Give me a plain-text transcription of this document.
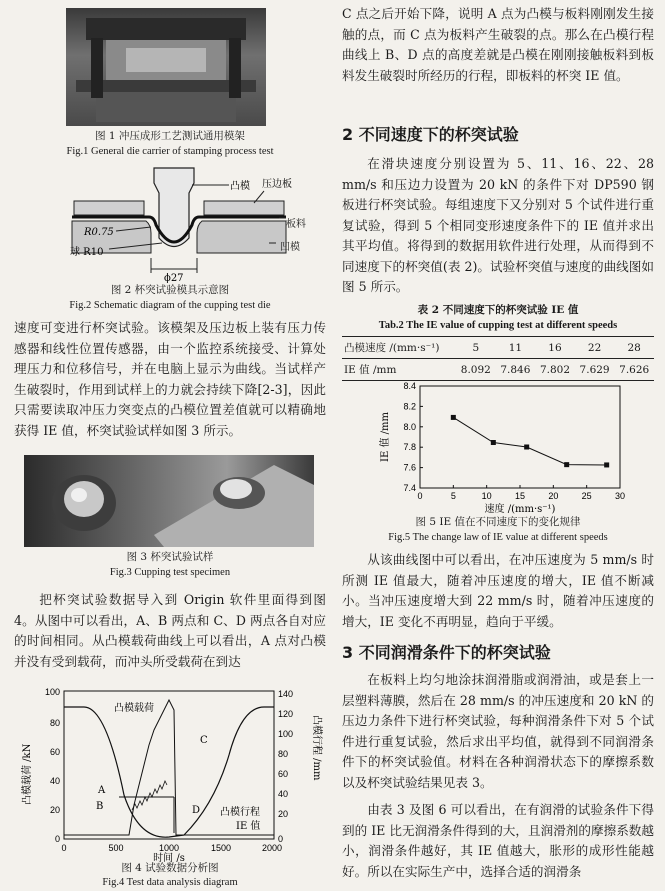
图 1 冲压成形工艺测试通用模架
Fig.1 General die carrier of stamping process test
凸模 压边板
R0.75
球 R10
ϕ27
板料
凹模
图 2 杯突试验模具示意图
Fig.2 Schematic diagram of the cupping test die

速度可变进行杯突试验。该模架及压边板上装有压力传感器和线性位置传感器，由一个监控系统接受、计算处理压力和位移信号，并在电脑上显示为曲线。当试样产生破裂时，作用到试样上的力就会持续下降[2-3]，因此只需要读取冲压力突变点的凸模位置差值就可以精确地获得 IE 值，杯突试验试样如图 3 所示。

图 3 杯突试验试样
Fig.3 Cupping test specimen

把杯突试验数据导入到 Origin 软件里面得到图 4。从图中可以看出，A、B 两点和 C、D 两点各自对应的时间相同。从凸模载荷曲线上可以看出，A 点对凸模并没有受到载荷，而冲头所受载荷在到达

100
80
60
40
20
0
140
120
100
80
60
40
20
0
0	500	1000	1500	2000
凸模载荷
凸模行程
IE 值
A
B
C
D
时间 /s
凸模载荷 /kN	凸模行程 /mm
图 4 试验数据分析图
Fig.4 Test data analysis diagram

C 点之后开始下降，说明 A 点为凸模与板料刚刚发生接触的点，而 C 点为板料产生破裂的点。那么在凸模行程曲线上 B、D 点的高度差就是凸模在刚刚接触板料到板料发生破裂时所经历的行程，即板料的杯突 IE 值。

2 不同速度下的杯突试验

在滑块速度分别设置为 5、11、16、22、28 mm/s 和压边力设置为 20 kN 的条件下对 DP590 钢板进行杯突试验。每组速度下又分别对 5 个试件进行重复试验，得到 5 个相同变形速度条件下的 IE 值并求出其平均值。将得到的数据用软件进行处理，从而得到不同速度下的杯突值(表 2)。试验杯突值与速度的曲线图如图 5 所示。

表 2 不同速度下的杯突试验 IE 值
Tab.2 The IE value of cupping test at different speeds
凸模速度 /(mm·s⁻¹)	5	11	16	22	28
IE 值 /mm	8.092	7.846	7.802	7.629	7.626
0	5	10	15	20	25	30
7.4
7.6
7.8
8.0
8.2
8.4
速度 /(mm·s⁻¹)
IE 值 /mm
图 5 IE 值在不同速度下的变化规律
Fig.5 The change law of IE value at different speeds

从该曲线图中可以看出，在冲压速度为 5 mm/s 时所测 IE 值最大，随着冲压速度的增大，IE 值不断减小。当冲压速度增大到 22 mm/s 时，随着冲压速度的增大，IE 变化不再明显，趋向于平缓。

3 不同润滑条件下的杯突试验

在板料上均匀地涂抹润滑脂或润滑油，或是套上一层塑料薄膜，然后在 28 mm/s 的冲压速度和 20 kN 的压边力条件下进行杯突试验，每种润滑条件下对 5 个试件进行重复试验，然后求出平均值，就得到不同润滑条件下的杯突试验值。材料在各种润滑状态下的摩擦系数以及杯突试验结果见表 3。

由表 3 及图 6 可以看出，在有润滑的试验条件下得到的 IE 比无润滑条件得到的大，且润滑剂的摩擦系数越小，润滑条件越好，其 IE 值越大，胀形的成形性能越好。所以在实际生产中，选择合适的润滑条
